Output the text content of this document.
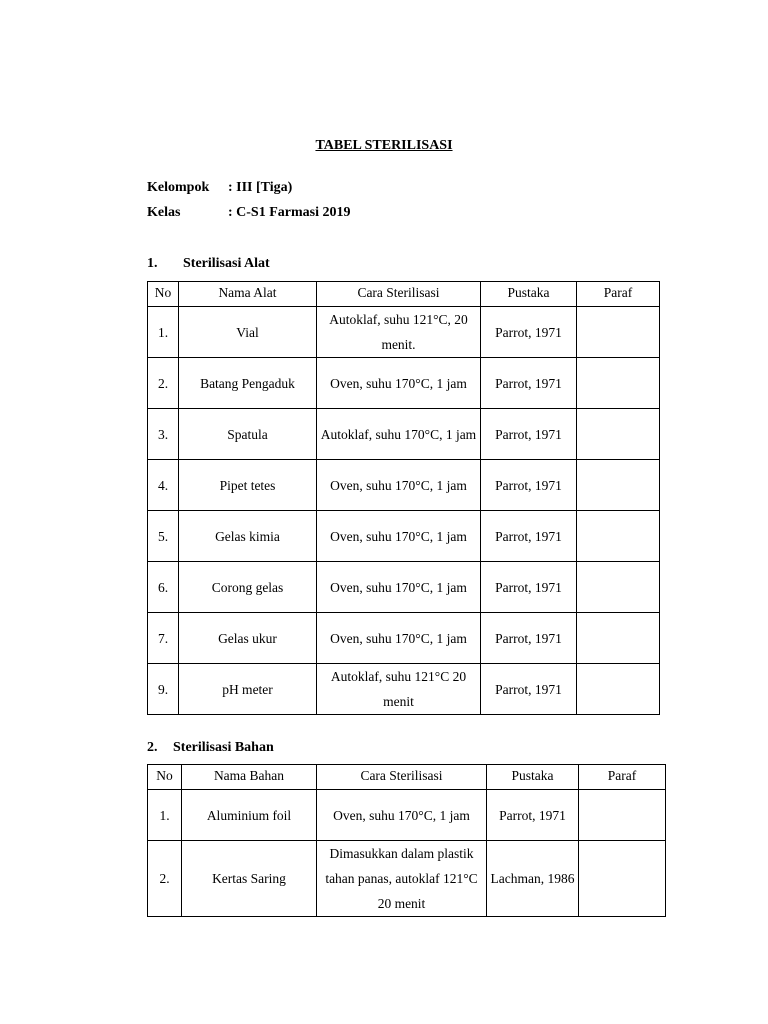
TABEL STERILISASI
Kelompok : III [Tiga)
Kelas	: C-S1 Farmasi 2019
1. Sterilisasi Alat
No	Nama Alat	Cara Sterilisasi	Pustaka	Paraf
1.	Vial	Autoklaf, suhu 121°C, 20 menit.	Parrot, 1971	
2.	Batang Pengaduk	Oven, suhu 170°C, 1 jam	Parrot, 1971	
3.	Spatula	Autoklaf, suhu 170°C, 1 jam	Parrot, 1971	
4.	Pipet tetes	Oven, suhu 170°C, 1 jam	Parrot, 1971	
5.	Gelas kimia	Oven, suhu 170°C, 1 jam	Parrot, 1971	
6.	Corong gelas	Oven, suhu 170°C, 1 jam	Parrot, 1971	
7.	Gelas ukur	Oven, suhu 170°C, 1 jam	Parrot, 1971	
9.	pH meter	Autoklaf, suhu 121°C 20 menit	Parrot, 1971	
2. Sterilisasi Bahan
No	Nama Bahan	Cara Sterilisasi	Pustaka	Paraf
1.	Aluminium foil	Oven, suhu 170°C, 1 jam	Parrot, 1971	
2.	Kertas Saring	Dimasukkan dalam plastik tahan panas, autoklaf 121°C 20 menit	Lachman, 1986	
